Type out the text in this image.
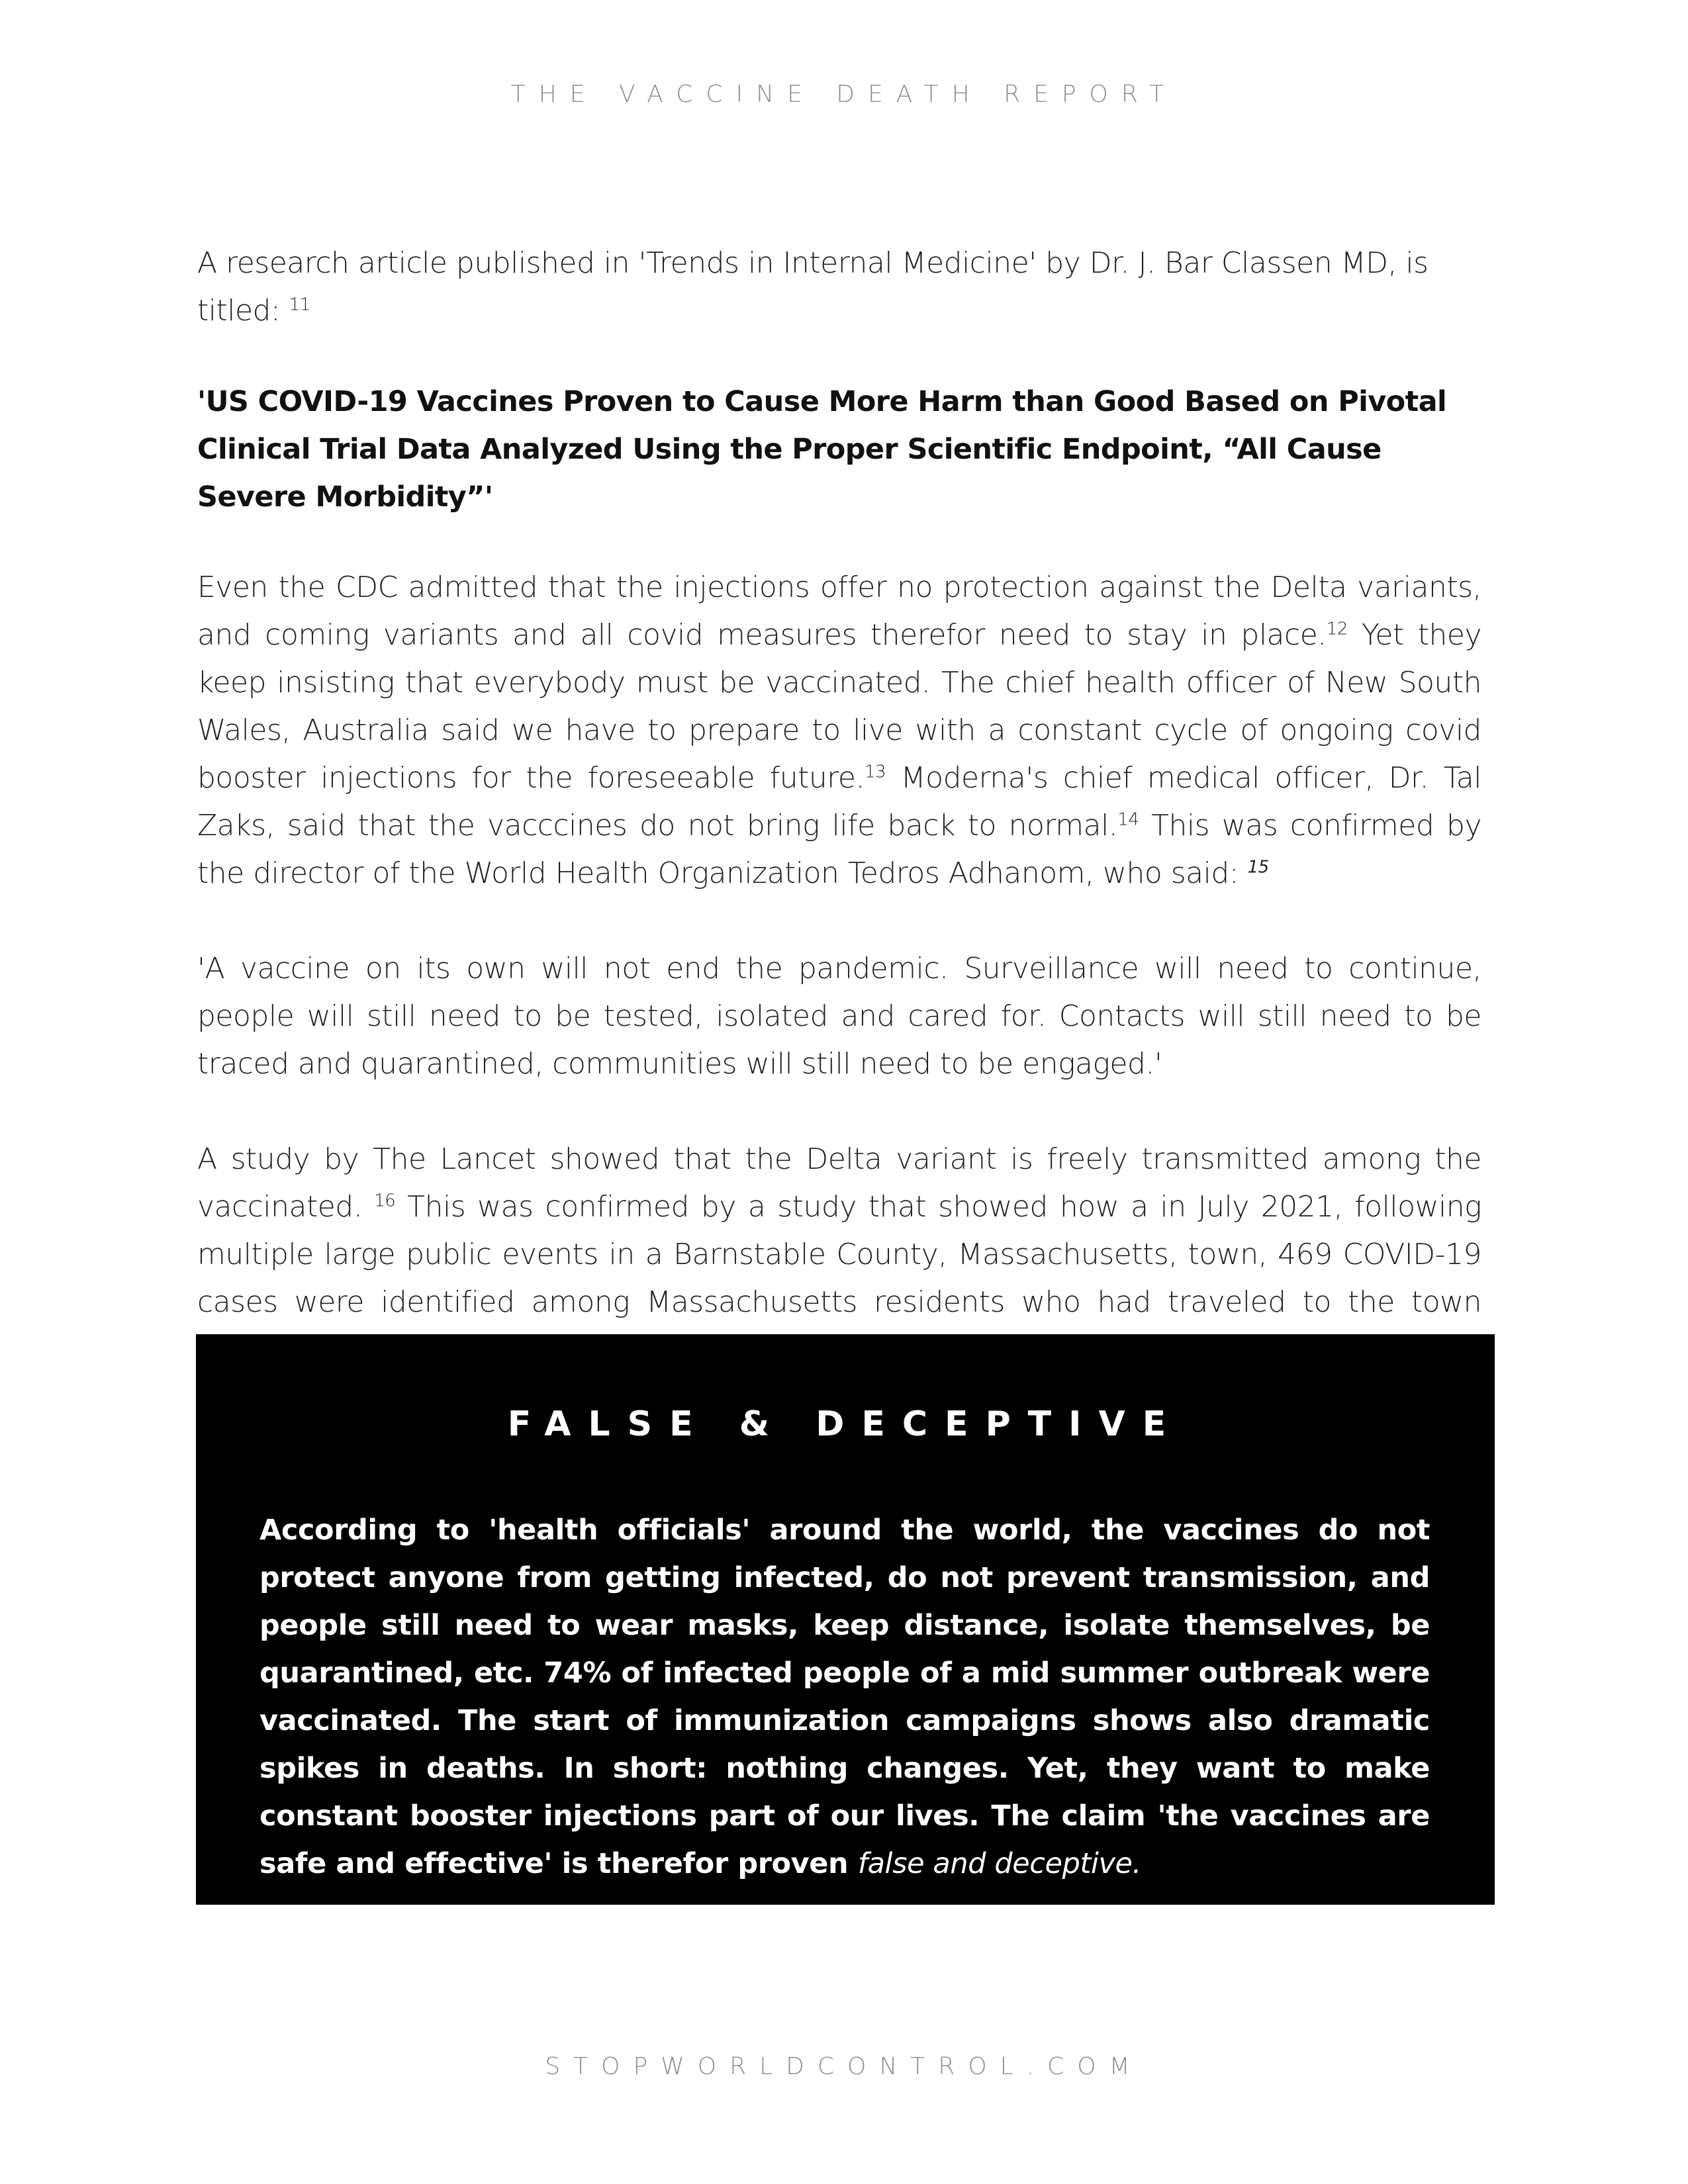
THE VACCINE DEATH REPORT

A research article published in 'Trends in Internal Medicine' by Dr. J. Bar Classen MD, is titled: $^{11}$

'US COVID-19 Vaccines Proven to Cause More Harm than Good Based on Pivotal Clinical Trial Data Analyzed Using the Proper Scientific Endpoint, “All Cause Severe Morbidity”'

Even the CDC admitted that the injections offer no protection against the Delta variants, and coming variants and all covid measures therefor need to stay in place.$^{12}$ Yet they keep insisting that everybody must be vaccinated. The chief health officer of New South Wales, Australia said we have to prepare to live with a constant cycle of ongoing covid booster injections for the foreseeable future.$^{13}$ Moderna's chief medical officer, Dr. Tal Zaks, said that the vacccines do not bring life back to normal.$^{14}$ This was confirmed by the director of the World Health Organization Tedros Adhanom, who said: $^{15}$

'A vaccine on its own will not end the pandemic. Surveillance will need to continue, people will still need to be tested, isolated and cared for. Contacts will still need to be traced and quarantined, communities will still need to be engaged.'

A study by The Lancet showed that the Delta variant is freely transmitted among the vaccinated. $^{16}$ This was confirmed by a study that showed how a in July 2021, following multiple large public events in a Barnstable County, Massachusetts, town, 469 COVID-19 cases were identified among Massachusetts residents who had traveled to the town

FALSE & DECEPTIVE
According to 'health officials' around the world, the vaccines do not protect anyone from getting infected, do not prevent transmission, and people still need to wear masks, keep distance, isolate themselves, be quarantined, etc. 74% of infected people of a mid summer outbreak were vaccinated. The start of immunization campaigns shows also dramatic spikes in deaths. In short: nothing changes. Yet, they want to make constant booster injections part of our lives. The claim 'the vaccines are safe and effective' is therefor proven false and deceptive.
STOPWORLDCONTROL.COM
